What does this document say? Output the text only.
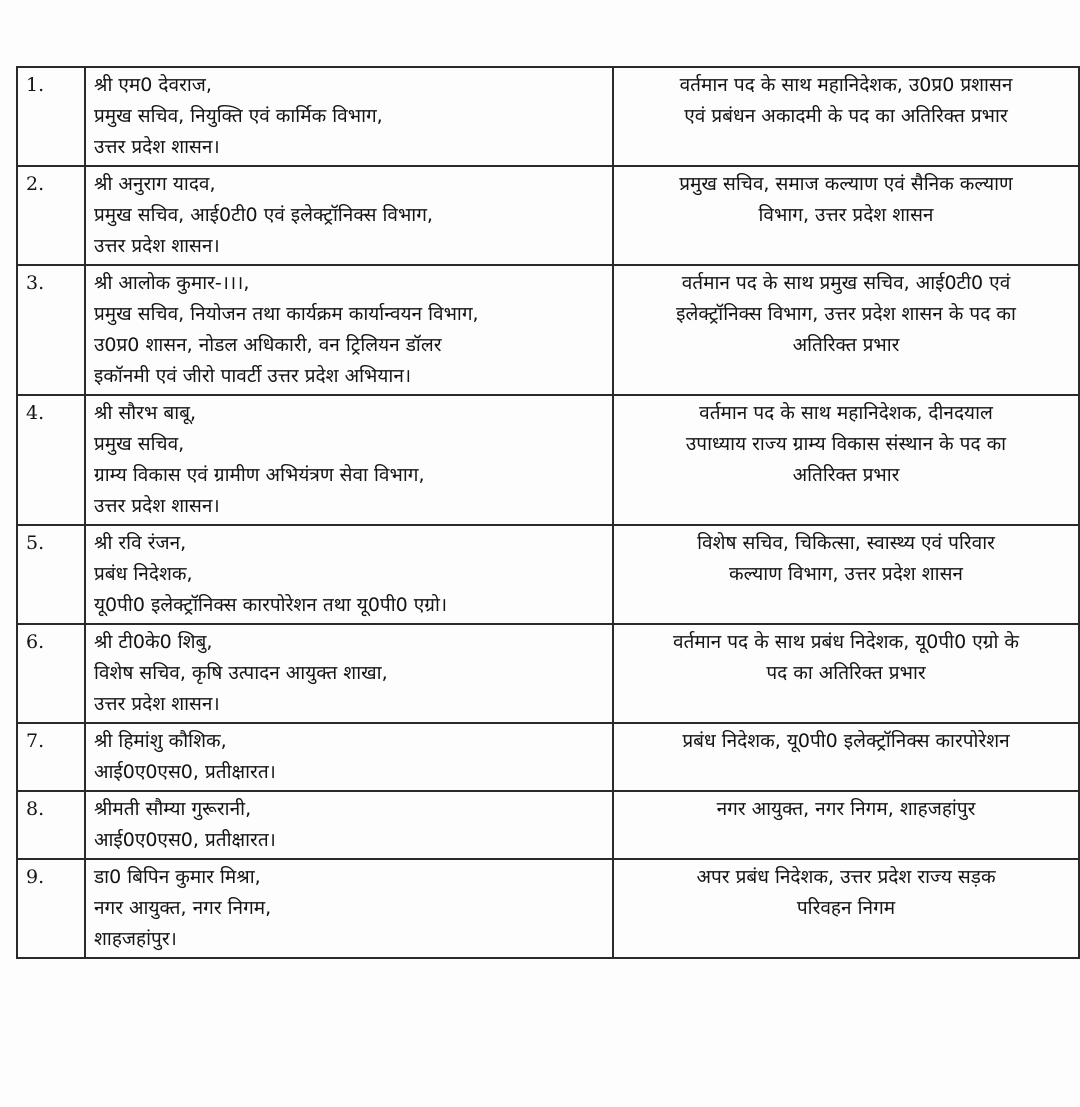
1.	श्री एम0 देवराज,
प्रमुख सचिव, नियुक्ति एवं कार्मिक विभाग,
उत्तर प्रदेश शासन।	वर्तमान पद के साथ महानिदेशक, उ0प्र0 प्रशासन
एवं प्रबंधन अकादमी के पद का अतिरिक्त प्रभार

2.	श्री अनुराग यादव,
प्रमुख सचिव, आई0टी0 एवं इलेक्ट्रॉनिक्स विभाग,
उत्तर प्रदेश शासन।	प्रमुख सचिव, समाज कल्याण एवं सैनिक कल्याण
विभाग, उत्तर प्रदेश शासन

3.	श्री आलोक कुमार-।।।,
प्रमुख सचिव, नियोजन तथा कार्यक्रम कार्यान्वयन विभाग,
उ0प्र0 शासन, नोडल अधिकारी, वन ट्रिलियन डॉलर
इकॉनमी एवं जीरो पावर्टी उत्तर प्रदेश अभियान।	वर्तमान पद के साथ प्रमुख सचिव, आई0टी0 एवं
इलेक्ट्रॉनिक्स विभाग, उत्तर प्रदेश शासन के पद का
अतिरिक्त प्रभार

4.	श्री सौरभ बाबू,
प्रमुख सचिव,
ग्राम्य विकास एवं ग्रामीण अभियंत्रण सेवा विभाग,
उत्तर प्रदेश शासन।	वर्तमान पद के साथ महानिदेशक, दीनदयाल
उपाध्याय राज्य ग्राम्य विकास संस्थान के पद का
अतिरिक्त प्रभार

5.	श्री रवि रंजन,
प्रबंध निदेशक,
यू0पी0 इलेक्ट्रॉनिक्स कारपोरेशन तथा यू0पी0 एग्रो।	विशेष सचिव, चिकित्सा, स्वास्थ्य एवं परिवार
कल्याण विभाग, उत्तर प्रदेश शासन

6.	श्री टी0के0 शिबु,
विशेष सचिव, कृषि उत्पादन आयुक्त शाखा,
उत्तर प्रदेश शासन।	वर्तमान पद के साथ प्रबंध निदेशक, यू0पी0 एग्रो के
पद का अतिरिक्त प्रभार

7.	श्री हिमांशु कौशिक,
आई0ए0एस0, प्रतीक्षारत।	प्रबंध निदेशक, यू0पी0 इलेक्ट्रॉनिक्स कारपोरेशन

8.	श्रीमती सौम्या गुरूरानी,
आई0ए0एस0, प्रतीक्षारत।	नगर आयुक्त, नगर निगम, शाहजहांपुर

9.	डा0 बिपिन कुमार मिश्रा,
नगर आयुक्त, नगर निगम,
शाहजहांपुर।	अपर प्रबंध निदेशक, उत्तर प्रदेश राज्य सड़क
परिवहन निगम
